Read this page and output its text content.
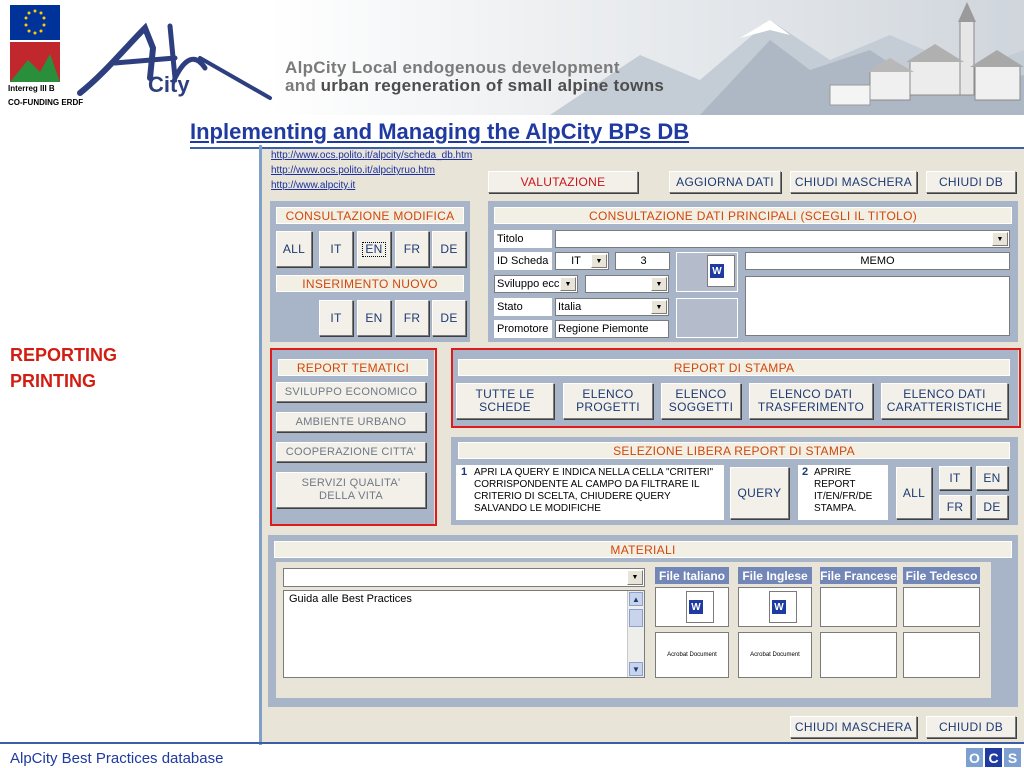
Interreg III B
CO-FUNDING ERDF
City
AlpCity Local endogenous development
and urban regeneration of small alpine towns
Inplementing and Managing the AlpCity BPs DB
REPORTING
PRINTING
http://www.ocs.polito.it/alpcity/scheda_db.htm
http://www.ocs.polito.it/alpcityruo.htm
http://www.alpcity.it	VALUTAZIONE	AGGIORNA DATI	CHIUDI MASCHERA	CHIUDI DB
CONSULTAZIONE MODIFICA
ALL	IT	EN	FR	DE
INSERIMENTO NUOVO
IT	EN	FR	DE
CONSULTAZIONE DATI PRINCIPALI (SCEGLI IL TITOLO)
Titolo	▼
ID Scheda	IT	▼	3
Sviluppo ecc ▼	▼
Stato	Italia	▼
Promotore Regione Piemonte
W
MEMO
REPORT TEMATICI
SVILUPPO ECONOMICO
AMBIENTE URBANO
COOPERAZIONE CITTA'
SERVIZI QUALITA' DELLA VITA
REPORT DI STAMPA
TUTTE LE SCHEDE
ELENCO PROGETTI
ELENCO SOGGETTI
ELENCO DATI TRASFERIMENTO
ELENCO DATI CARATTERISTICHE
SELEZIONE LIBERA REPORT DI STAMPA
1 APRI LA QUERY E INDICA NELLA CELLA "CRITERI" CORRISPONDENTE AL CAMPO DA FILTRARE IL CRITERIO DI SCELTA, CHIUDERE QUERY SALVANDO LE MODIFICHE
QUERY
2 APRIRE REPORT IT/EN/FR/DE STAMPA.
ALL
IT	EN
FR	DE
MATERIALI
▼
Guida alle Best Practices	▲
▼
File Italiano	File Inglese	File Francese File Tedesco
W	W
Acrobat Document	Acrobat Document
CHIUDI MASCHERA	CHIUDI DB
AlpCity Best Practices database	O C S
